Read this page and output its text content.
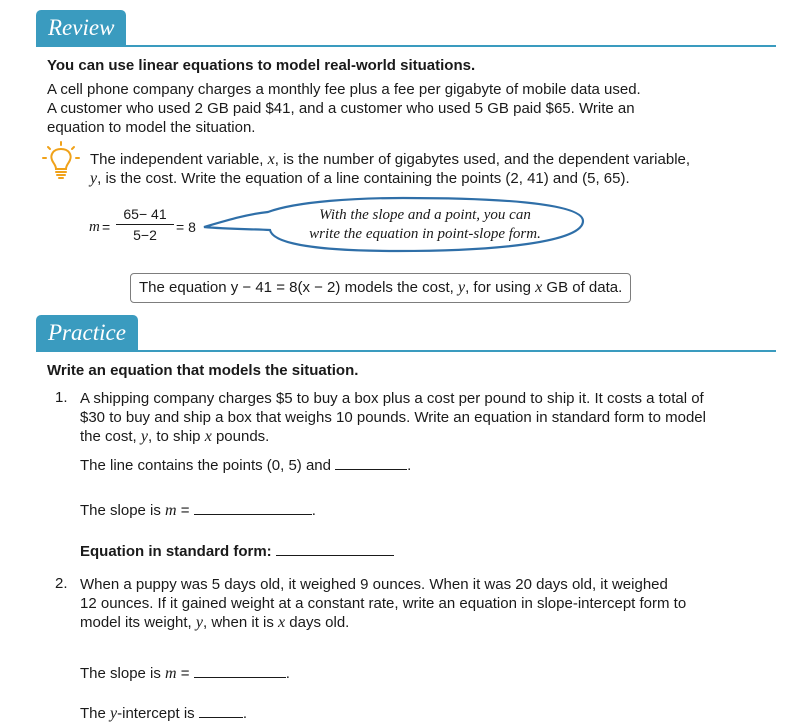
Review
You can use linear equations to model real-world situations.
A cell phone company charges a monthly fee plus a fee per gigabyte of mobile data used.
A customer who used 2 GB paid $41, and a customer who used 5 GB paid $65. Write an
equation to model the situation.
The independent variable, x, is the number of gigabytes used, and the dependent variable,
y, is the cost. Write the equation of a line containing the points (2, 41) and (5, 65).
m =
65− 41
5−2	= 8
With the slope and a point, you can
write the equation in point-slope form.
The equation y − 41 = 8(x − 2) models the cost, y, for using x GB of data.
Practice
Write an equation that models the situation.
1. A shipping company charges $5 to buy a box plus a cost per pound to ship it. It costs a total of
$30 to buy and ship a box that weighs 10 pounds. Write an equation in standard form to model
the cost, y, to ship x pounds.
The line contains the points (0, 5) and	.
The slope is m =	.
Equation in standard form:
2. When a puppy was 5 days old, it weighed 9 ounces. When it was 20 days old, it weighed
12 ounces. If it gained weight at a constant rate, write an equation in slope-intercept form to
model its weight, y, when it is x days old.
The slope is m =	.
The y-intercept is	.
